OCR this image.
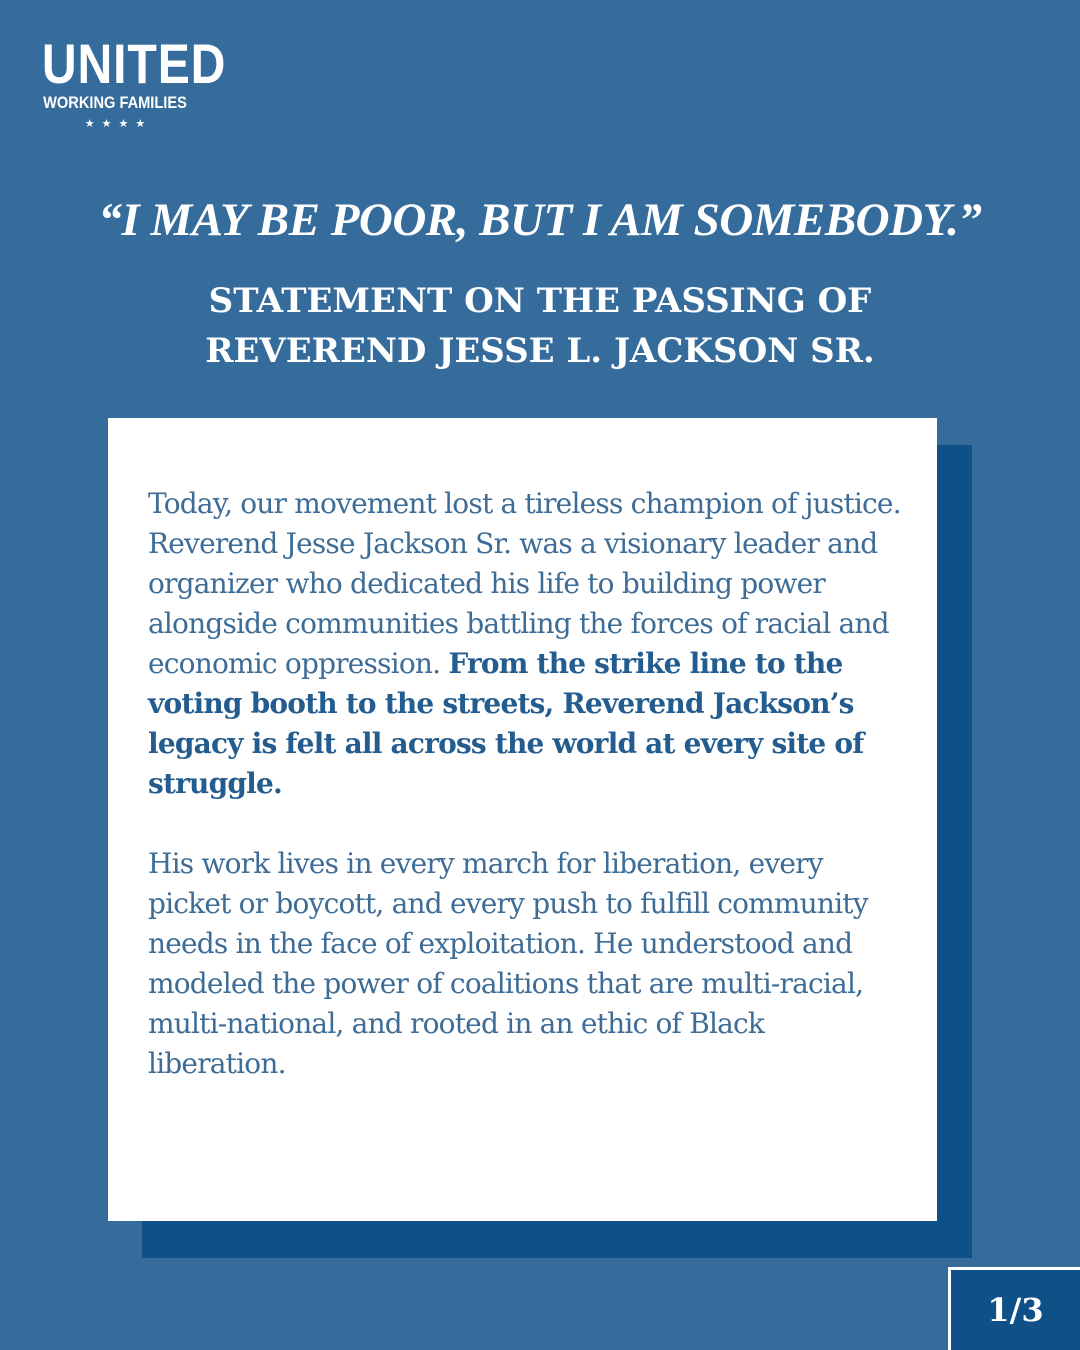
UNITED
WORKING FAMILIES
★★★★
“I MAY BE POOR, BUT I AM SOMEBODY.”
STATEMENT ON THE PASSING OF
REVEREND JESSE L. JACKSON SR.

Today, our movement lost a tireless champion of justice. Reverend Jesse Jackson Sr. was a visionary leader and organizer who dedicated his life to building power alongside communities battling the forces of racial and economic oppression. From the strike line to the voting booth to the streets, Reverend Jackson’s legacy is felt all across the world at every site of struggle.

His work lives in every march for liberation, every picket or boycott, and every push to fulfill community needs in the face of exploitation. He understood and modeled the power of coalitions that are multi-racial, multi-national, and rooted in an ethic of Black liberation.

1/3
